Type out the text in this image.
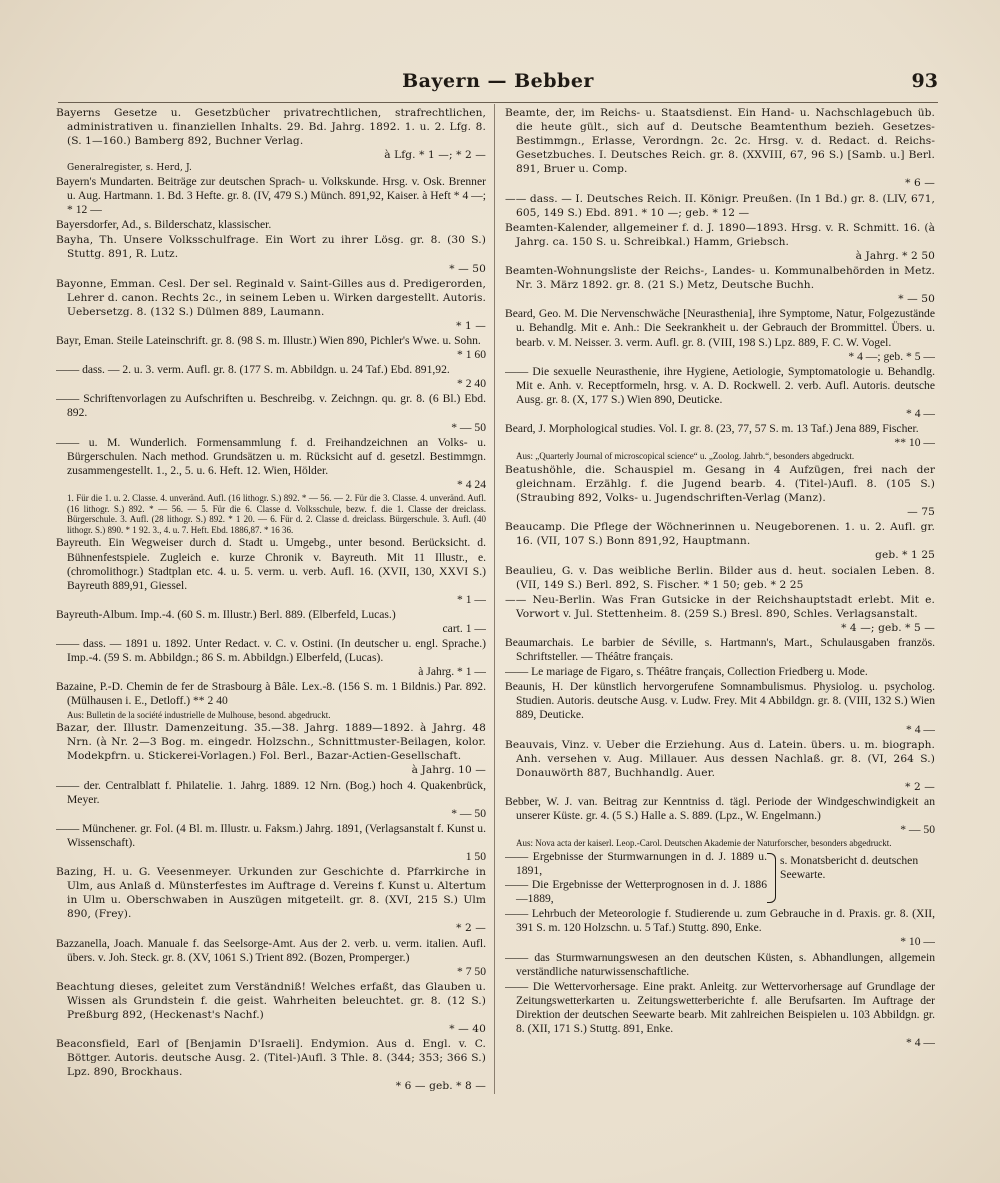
Bayern — Bebber	93
Bayerns Gesetze u. Gesetzbücher privatrechtlichen, strafrechtlichen, administrativen u. finanziellen Inhalts. 29. Bd. Jahrg. 1892. 1. u. 2. Lfg. 8. (S. 1—160.) Bamberg 892, Buchner Verlag.
à Lfg. * 1 —; * 2 —
Generalregister, s. Herd, J.
Bayern's Mundarten. Beiträge zur deutschen Sprach- u. Volkskunde. Hrsg. v. Osk. Brenner u. Aug. Hartmann. 1. Bd. 3 Hefte. gr. 8. (IV, 479 S.) Münch. 891,92, Kaiser. à Heft * 4 —; * 12 —
Bayersdorfer, Ad., s. Bilderschatz, klassischer.
Bayha, Th. Unsere Volksschulfrage. Ein Wort zu ihrer Lösg. gr. 8. (30 S.) Stuttg. 891, R. Lutz.
* — 50
Bayonne, Emman. Cesl. Der sel. Reginald v. Saint-Gilles aus d. Predigerorden, Lehrer d. canon. Rechts 2c., in seinem Leben u. Wirken dargestellt. Autoris. Uebersetzg. 8. (132 S.) Dülmen 889, Laumann.
* 1 —
Bayr, Eman. Steile Lateinschrift. gr. 8. (98 S. m. Illustr.) Wien 890, Pichler's Wwe. u. Sohn.
* 1 60
—— dass. — 2. u. 3. verm. Aufl. gr. 8. (177 S. m. Abbildgn. u. 24 Taf.) Ebd. 891,92.
* 2 40
—— Schriftenvorlagen zu Aufschriften u. Beschreibg. v. Zeichngn. qu. gr. 8. (6 Bl.) Ebd. 892.
* — 50
—— u. M. Wunderlich. Formensammlung f. d. Freihandzeichnen an Volks- u. Bürgerschulen. Nach method. Grundsätzen u. m. Rücksicht auf d. gesetzl. Bestimmgn. zusammengestellt. 1., 2., 5. u. 6. Heft. 12. Wien, Hölder.
* 4 24
1. Für die 1. u. 2. Classe. 4. unveränd. Aufl. (16 lithogr. S.) 892. * — 56. — 2. Für die 3. Classe. 4. unveränd. Aufl. (16 lithogr. S.) 892. * — 56. — 5. Für die 6. Classe d. Volksschule, bezw. f. die 1. Classe der dreiclass. Bürgerschule. 3. Aufl. (28 lithogr. S.) 892. * 1 20. — 6. Für d. 2. Classe d. dreiclass. Bürgerschule. 3. Aufl. (40 lithogr. S.) 890. * 1 92. 3., 4. u. 7. Heft. Ebd. 1886,87. * 16 36.
Bayreuth. Ein Wegweiser durch d. Stadt u. Umgebg., unter besond. Berücksicht. d. Bühnenfestspiele. Zugleich e. kurze Chronik v. Bayreuth. Mit 11 Illustr., e. (chromolithogr.) Stadtplan etc. 4. u. 5. verm. u. verb. Aufl. 16. (XVII, 130, XXVI S.) Bayreuth 889,91, Giessel.
* 1 —
Bayreuth-Album. Imp.-4. (60 S. m. Illustr.) Berl. 889. (Elberfeld, Lucas.)
cart. 1 —
—— dass. — 1891 u. 1892. Unter Redact. v. C. v. Ostini. (In deutscher u. engl. Sprache.) Imp.-4. (59 S. m. Abbildgn.; 86 S. m. Abbildgn.) Elberfeld, (Lucas).
à Jahrg. * 1 —
Bazaine, P.-D. Chemin de fer de Strasbourg à Bâle. Lex.-8. (156 S. m. 1 Bildnis.) Par. 892. (Mülhausen i. E., Detloff.) ** 2 40
Aus: Bulletin de la société industrielle de Mulhouse, besond. abgedruckt.
Bazar, der. Illustr. Damenzeitung. 35.—38. Jahrg. 1889—1892. à Jahrg. 48 Nrn. (à Nr. 2—3 Bog. m. eingedr. Holzschn., Schnittmuster-Beilagen, kolor. Modekpfrn. u. Stickerei-Vorlagen.) Fol. Berl., Bazar-Actien-Gesellschaft.
à Jahrg. 10 —
—— der. Centralblatt f. Philatelie. 1. Jahrg. 1889. 12 Nrn. (Bog.) hoch 4. Quakenbrück, Meyer.
* — 50
—— Münchener. gr. Fol. (4 Bl. m. Illustr. u. Faksm.) Jahrg. 1891, (Verlagsanstalt f. Kunst u. Wissenschaft).
1 50
Bazing, H. u. G. Veesenmeyer. Urkunden zur Geschichte d. Pfarrkirche in Ulm, aus Anlaß d. Münsterfestes im Auftrage d. Vereins f. Kunst u. Altertum in Ulm u. Oberschwaben in Auszügen mitgeteilt. gr. 8. (XVI, 215 S.) Ulm 890, (Frey).
* 2 —
Bazzanella, Joach. Manuale f. das Seelsorge-Amt. Aus der 2. verb. u. verm. italien. Aufl. übers. v. Joh. Steck. gr. 8. (XV, 1061 S.) Trient 892. (Bozen, Promperger.)
* 7 50
Beachtung dieses, geleitet zum Verständniß! Welches erfaßt, das Glauben u. Wissen als Grundstein f. die geist. Wahrheiten beleuchtet. gr. 8. (12 S.) Preßburg 892, (Heckenast's Nachf.)
* — 40
Beaconsfield, Earl of [Benjamin D'Israeli]. Endymion. Aus d. Engl. v. C. Böttger. Autoris. deutsche Ausg. 2. (Titel-)Aufl. 3 Thle. 8. (344; 353; 366 S.) Lpz. 890, Brockhaus.
* 6 — geb. * 8 —
Beamte, der, im Reichs- u. Staatsdienst. Ein Hand- u. Nachschlagebuch üb. die heute gült., sich auf d. Deutsche Beamtenthum bezieh. Gesetzes-Bestimmgn., Erlasse, Verordngn. 2c. 2c. Hrsg. v. d. Redact. d. Reichs-Gesetzbuches. I. Deutsches Reich. gr. 8. (XXVIII, 67, 96 S.) [Samb. u.] Berl. 891, Bruer u. Comp.
* 6 —
—— dass. — I. Deutsches Reich. II. Königr. Preußen. (In 1 Bd.) gr. 8. (LIV, 671, 605, 149 S.) Ebd. 891. * 10 —; geb. * 12 —
Beamten-Kalender, allgemeiner f. d. J. 1890—1893. Hrsg. v. R. Schmitt. 16. (à Jahrg. ca. 150 S. u. Schreibkal.) Hamm, Griebsch.
à Jahrg. * 2 50
Beamten-Wohnungsliste der Reichs-, Landes- u. Kommunalbehörden in Metz. Nr. 3. März 1892. gr. 8. (21 S.) Metz, Deutsche Buchh.
* — 50
Beard, Geo. M. Die Nervenschwäche [Neurasthenia], ihre Symptome, Natur, Folgezustände u. Behandlg. Mit e. Anh.: Die Seekrankheit u. der Gebrauch der Brommittel. Übers. u. bearb. v. M. Neisser. 3. verm. Aufl. gr. 8. (VIII, 198 S.) Lpz. 889, F. C. W. Vogel.
* 4 —; geb. * 5 —
—— Die sexuelle Neurasthenie, ihre Hygiene, Aetiologie, Symptomatologie u. Behandlg. Mit e. Anh. v. Receptformeln, hrsg. v. A. D. Rockwell. 2. verb. Aufl. Autoris. deutsche Ausg. gr. 8. (X, 177 S.) Wien 890, Deuticke.
* 4 —
Beard, J. Morphological studies. Vol. I. gr. 8. (23, 77, 57 S. m. 13 Taf.) Jena 889, Fischer.
** 10 —
Aus: „Quarterly Journal of microscopical science“ u. „Zoolog. Jahrb.“, besonders abgedruckt.
Beatushöhle, die. Schauspiel m. Gesang in 4 Aufzügen, frei nach der gleichnam. Erzählg. f. die Jugend bearb. 4. (Titel-)Aufl. 8. (105 S.) (Straubing 892, Volks- u. Jugendschriften-Verlag (Manz).
— 75
Beaucamp. Die Pflege der Wöchnerinnen u. Neugeborenen. 1. u. 2. Aufl. gr. 16. (VII, 107 S.) Bonn 891,92, Hauptmann.
geb. * 1 25
Beaulieu, G. v. Das weibliche Berlin. Bilder aus d. heut. socialen Leben. 8. (VII, 149 S.) Berl. 892, S. Fischer. * 1 50; geb. * 2 25
—— Neu-Berlin. Was Fran Gutsicke in der Reichshauptstadt erlebt. Mit e. Vorwort v. Jul. Stettenheim. 8. (259 S.) Bresl. 890, Schles. Verlagsanstalt.
* 4 —; geb. * 5 —
Beaumarchais. Le barbier de Séville, s. Hartmann's, Mart., Schulausgaben französ. Schriftsteller. — Théâtre français.
—— Le mariage de Figaro, s. Théâtre français, Collection Friedberg u. Mode.
Beaunis, H. Der künstlich hervorgerufene Somnambulismus. Physiolog. u. psycholog. Studien. Autoris. deutsche Ausg. v. Ludw. Frey. Mit 4 Abbildgn. gr. 8. (VIII, 132 S.) Wien 889, Deuticke.
* 4 —
Beauvais, Vinz. v. Ueber die Erziehung. Aus d. Latein. übers. u. m. biograph. Anh. versehen v. Aug. Millauer. Aus dessen Nachlaß. gr. 8. (VI, 264 S.) Donauwörth 887, Buchhandlg. Auer.
* 2 —
Bebber, W. J. van. Beitrag zur Kenntniss d. tägl. Periode der Windgeschwindigkeit an unserer Küste. gr. 4. (5 S.) Halle a. S. 889. (Lpz., W. Engelmann.)
* — 50
Aus: Nova acta der kaiserl. Leop.-Carol. Deutschen Akademie der Naturforscher, besonders abgedruckt.
—— Ergebnisse der Sturmwarnungen in d. J. 1889 u. 1891,
—— Die Ergebnisse der Wetterprognosen in d. J. 1886—1889,
s. Monatsbericht d. deutschen Seewarte.
—— Lehrbuch der Meteorologie f. Studierende u. zum Gebrauche in d. Praxis. gr. 8. (XII, 391 S. m. 120 Holzschn. u. 5 Taf.) Stuttg. 890, Enke.
* 10 —
—— das Sturmwarnungswesen an den deutschen Küsten, s. Abhandlungen, allgemein verständliche naturwissenschaftliche.
—— Die Wettervorhersage. Eine prakt. Anleitg. zur Wettervorhersage auf Grundlage der Zeitungswetterkarten u. Zeitungswetterberichte f. alle Berufsarten. Im Auftrage der Direktion der deutschen Seewarte bearb. Mit zahlreichen Beispielen u. 103 Abbildgn. gr. 8. (XII, 171 S.) Stuttg. 891, Enke.
* 4 —
